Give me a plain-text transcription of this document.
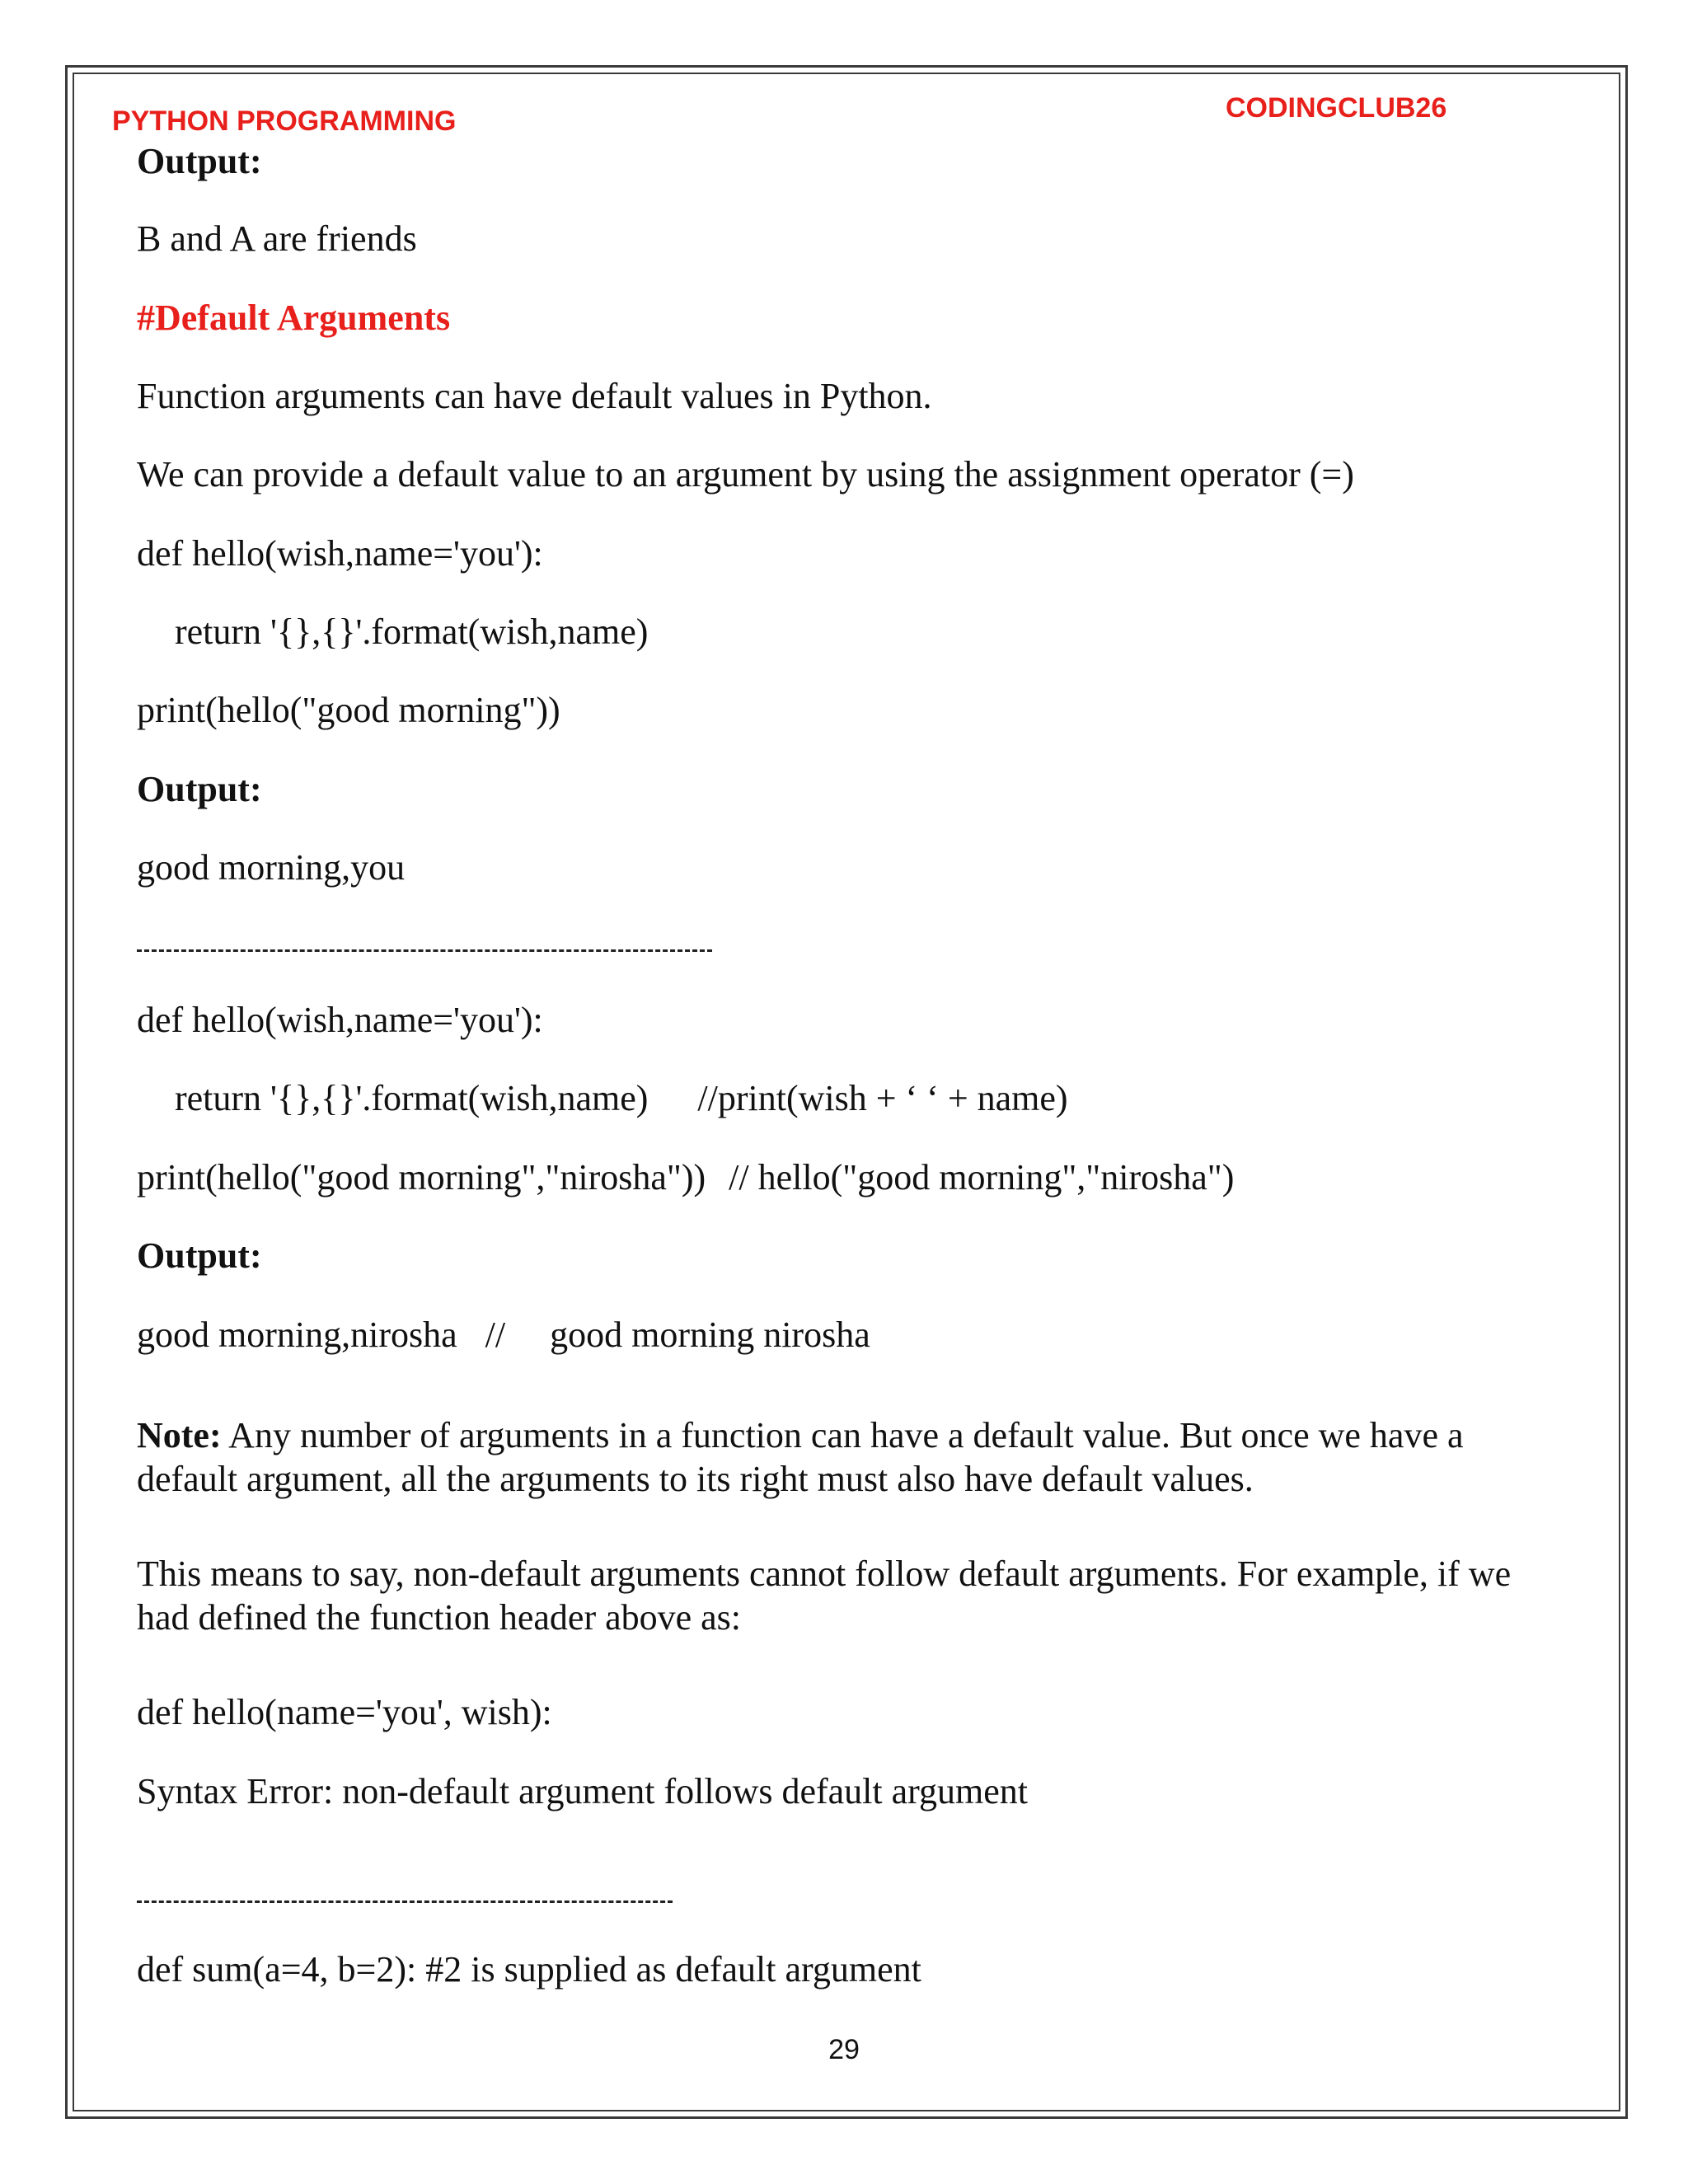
PYTHON PROGRAMMING	CODINGCLUB26
Output:
B and A are friends
#Default Arguments
Function arguments can have default values in Python.
We can provide a default value to an argument by using the assignment operator (=)
def hello(wish,name='you'):
return '{},{}'.format(wish,name)
print(hello("good morning"))
Output:
good morning,you
def hello(wish,name='you'):
return '{},{}'.format(wish,name) //print(wish + ‘ ‘ + name)
print(hello("good morning","nirosha")) // hello("good morning","nirosha")
Output:
good morning,nirosha // good morning nirosha
Note: Any number of arguments in a function can have a default value. But once we have a default argument, all the arguments to its right must also have default values.
This means to say, non-default arguments cannot follow default arguments. For example, if we had defined the function header above as:
def hello(name='you', wish):
Syntax Error: non-default argument follows default argument
def sum(a=4, b=2): #2 is supplied as default argument
29
